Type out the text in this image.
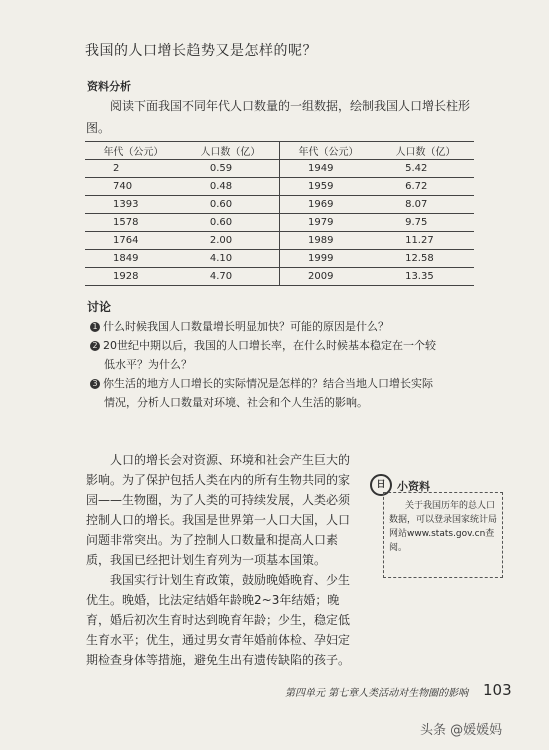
我国的人口增长趋势又是怎样的呢？
资料分析
阅读下面我国不同年代人口数量的一组数据，绘制我国人口增长柱形图。
年代（公元）	人口数（亿）	年代（公元）	人口数（亿）
2	0.59	1949	5.42
740	0.48	1959	6.72
1393	0.60	1969	8.07
1578	0.60	1979	9.75
1764	2.00	1989	11.27
1849	4.10	1999	12.58
1928	4.70	2009	13.35
讨论
1 什么时候我国人口数量增长明显加快？可能的原因是什么？
2 20世纪中期以后，我国的人口增长率，在什么时候基本稳定在一个较
低水平？为什么？
3 你生活的地方人口增长的实际情况是怎样的？结合当地人口增长实际
情况，分析人口数量对环境、社会和个人生活的影响。

人口的增长会对资源、环境和社会产生巨大的影响。为了保护包括人类在内的所有生物共同的家园——生物圈，为了人类的可持续发展，人类必须控制人口的增长。我国是世界第一人口大国，人口问题非常突出。为了控制人口数量和提高人口素质，我国已经把计划生育列为一项基本国策。

我国实行计划生育政策，鼓励晚婚晚育、少生优生。晚婚，比法定结婚年龄晚2~3年结婚；晚育，婚后初次生育时达到晚育年龄；少生，稳定低生育水平；优生，通过男女青年婚前体检、孕妇定期检查身体等措施，避免生出有遗传缺陷的孩子。

日	小资料
关于我国历年的总人口数据，可以登录国家统计局网站www.stats.gov.cn查阅。
第四单元 第七章人类活动对生物圈的影响 103
头条 @媛媛妈
